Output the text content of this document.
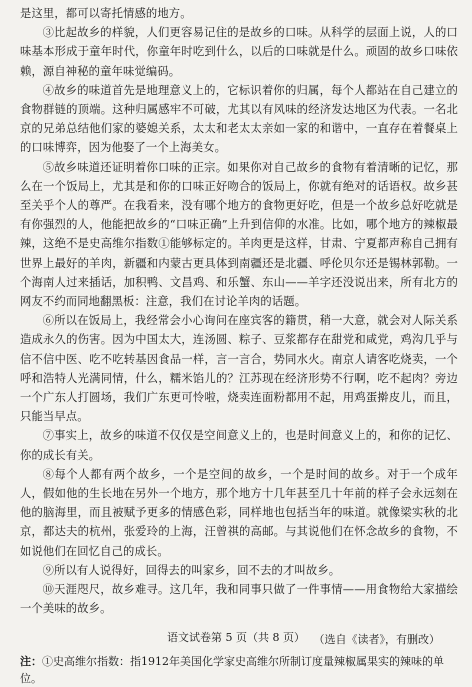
是这里，都可以寄托情感的地方。

③比起故乡的样貌，人们更容易记住的是故乡的口味。从科学的层面上说，人的口味基本形成于童年时代，你童年时吃到什么，以后的口味就是什么。顽固的故乡口味依赖，源自神秘的童年味觉编码。

④故乡的味道首先是地理意义上的，它标识着你的归属，每个人都站在自己建立的食物群链的顶端。这种归属感牢不可破，尤其以有风味的经济发达地区为代表。一名北京的兄弟总结他们家的婆媳关系，太太和老太太亲如一家的和谐中，一直存在着餐桌上的口味博弈，因为他娶了一个上海美女。

⑤故乡味道还证明着你口味的正宗。如果你对自己故乡的食物有着清晰的记忆，那么在一个饭局上，尤其是和你的口味正好吻合的饭局上，你就有绝对的话语权。故乡甚至关乎个人的尊严。在我看来，没有哪个地方的食物更好吃，但是一个故乡总好吃就是有你强烈的人，他能把故乡的“口味正确”上升到信仰的水准。比如，哪个地方的辣椒最辣，这绝不是史高维尔指数①能够标定的。羊肉更是这样，甘肃、宁夏都声称自己拥有世界上最好的羊肉，新疆和内蒙古更具体到南疆还是北疆、呼伦贝尔还是锡林郭勒。一个海南人过来插话，加积鸭、文昌鸡、和乐蟹、东山——羊字还没说出来，所有北方的网友不约而同地翻黑板：注意，我们在讨论羊肉的话题。

⑥所以在饭局上，我经常会小心询问在座宾客的籍贯，稍一大意，就会对人际关系造成永久的伤害。因为中国太大，连汤圆、粽子、豆浆都存在甜党和咸党，鸡沟几乎与信不信中医、吃不吃转基因食品一样，言一言合，势同水火。南京人请客吃烧卖，一个呼和浩特人光满同情，什么，糯米馅儿的？江苏现在经济形势不行啊，吃不起肉？旁边一个广东人打圆场，我们广东更可怜啦，烧卖连面粉都用不起，用鸡蛋擀皮儿，而且，只能当早点。

⑦事实上，故乡的味道不仅仅是空间意义上的，也是时间意义上的，和你的记忆、你的成长有关。

⑧每个人都有两个故乡，一个是空间的故乡，一个是时间的故乡。对于一个成年人，假如他的生长地在另外一个地方，那个地方十几年甚至几十年前的样子会永远刻在他的脑海里，而且被赋予更多的情感色彩，同样地也包括当年的味道。就像梁实秋的北京，都达夫的杭州，张爱玲的上海，汪曾祺的高邮。与其说他们在怀念故乡的食物，不如说他们在回忆自己的成长。

⑨所以有人说得好，回得去的叫家乡，回不去的才叫故乡。

⑩天涯咫尺，故乡难寻。这几年，我和同事只做了一件事情——用食物给大家描绘一个美味的故乡。

（选自《读者》，有删改）

注：①史高维尔指数：指1912年美国化学家史高维尔所制订度量辣椒属果实的辣味的单位。

语文试卷第 5 页（共 8 页）
